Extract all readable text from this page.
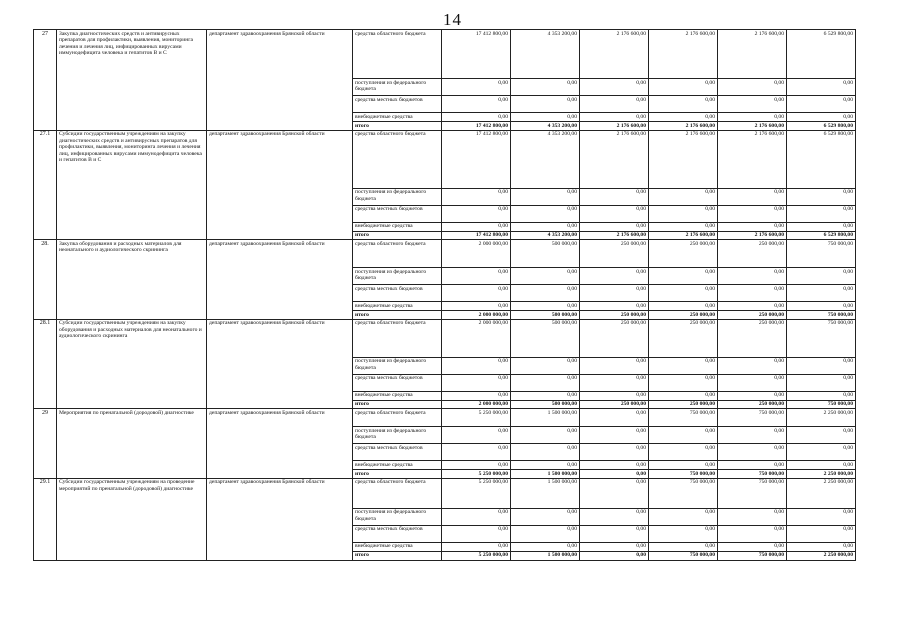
14
27	Закупка диагностических средств и антивирусных препаратов для профилактики, выявления, мониторинга лечения и лечения лиц, инфицированных вирусами иммунодефицита человека и гепатитов В и С	департамент здравоохранения Брянской области	средства областного бюджета	17 412 800,00	4 353 200,00	2 176 600,00	2 176 600,00	2 176 600,00	6 529 800,00
			поступления из федерального бюджета	0,00	0,00	0,00	0,00	0,00	0,00
			средства местных бюджетов	0,00	0,00	0,00	0,00	0,00	0,00
			внебюджетные средства	0,00	0,00	0,00	0,00	0,00	0,00
			итого	17 412 800,00	4 353 200,00	2 176 600,00	2 176 600,00	2 176 600,00	6 529 800,00
27.1	Субсидии государственным учреждениям на закупку диагностических средств и антивирусных препаратов для профилактики, выявления, мониторинга лечения и лечения лиц, инфицированных вирусами иммунодефицита человека и гепатитов В и С	департамент здравоохранения Брянской области	средства областного бюджета	17 412 800,00	4 353 200,00	2 176 600,00	2 176 600,00	2 176 600,00	6 529 800,00
			поступления из федерального бюджета	0,00	0,00	0,00	0,00	0,00	0,00
			средства местных бюджетов	0,00	0,00	0,00	0,00	0,00	0,00
			внебюджетные средства	0,00	0,00	0,00	0,00	0,00	0,00
			итого	17 412 800,00	4 353 200,00	2 176 600,00	2 176 600,00	2 176 600,00	6 529 800,00
28.	Закупка оборудования и расходных материалов для неонатального и аудиологического скрининга	департамент здравоохранения Брянской области	средства областного бюджета	2 000 000,00	500 000,00	250 000,00	250 000,00	250 000,00	750 000,00
			поступления из федерального бюджета	0,00	0,00	0,00	0,00	0,00	0,00
			средства местных бюджетов	0,00	0,00	0,00	0,00	0,00	0,00
			внебюджетные средства	0,00	0,00	0,00	0,00	0,00	0,00
			итого	2 000 000,00	500 000,00	250 000,00	250 000,00	250 000,00	750 000,00
28.1	Субсидии государственным учреждениям на закупку оборудования и расходных материалов для неонатального и аудиологического скрининга	департамент здравоохранения Брянской области	средства областного бюджета	2 000 000,00	500 000,00	250 000,00	250 000,00	250 000,00	750 000,00
			поступления из федерального бюджета	0,00	0,00	0,00	0,00	0,00	0,00
			средства местных бюджетов	0,00	0,00	0,00	0,00	0,00	0,00
			внебюджетные средства	0,00	0,00	0,00	0,00	0,00	0,00
			итого	2 000 000,00	500 000,00	250 000,00	250 000,00	250 000,00	750 000,00
29	Мероприятия по пренатальной (дородовой) диагностике	департамент здравоохранения Брянской области	средства областного бюджета	5 250 000,00	1 500 000,00	0,00	750 000,00	750 000,00	2 250 000,00
			поступления из федерального бюджета	0,00	0,00	0,00	0,00	0,00	0,00
			средства местных бюджетов	0,00	0,00	0,00	0,00	0,00	0,00
			внебюджетные средства	0,00	0,00	0,00	0,00	0,00	0,00
			итого	5 250 000,00	1 500 000,00	0,00	750 000,00	750 000,00	2 250 000,00
29.1	Субсидии государственным учреждениям на проведение мероприятий по пренатальной (дородовой) диагностике	департамент здравоохранения Брянской области	средства областного бюджета	5 250 000,00	1 500 000,00	0,00	750 000,00	750 000,00	2 250 000,00
			поступления из федерального бюджета	0,00	0,00	0,00	0,00	0,00	0,00
			средства местных бюджетов	0,00	0,00	0,00	0,00	0,00	0,00
			внебюджетные средства	0,00	0,00	0,00	0,00	0,00	0,00
			итого	5 250 000,00	1 500 000,00	0,00	750 000,00	750 000,00	2 250 000,00
